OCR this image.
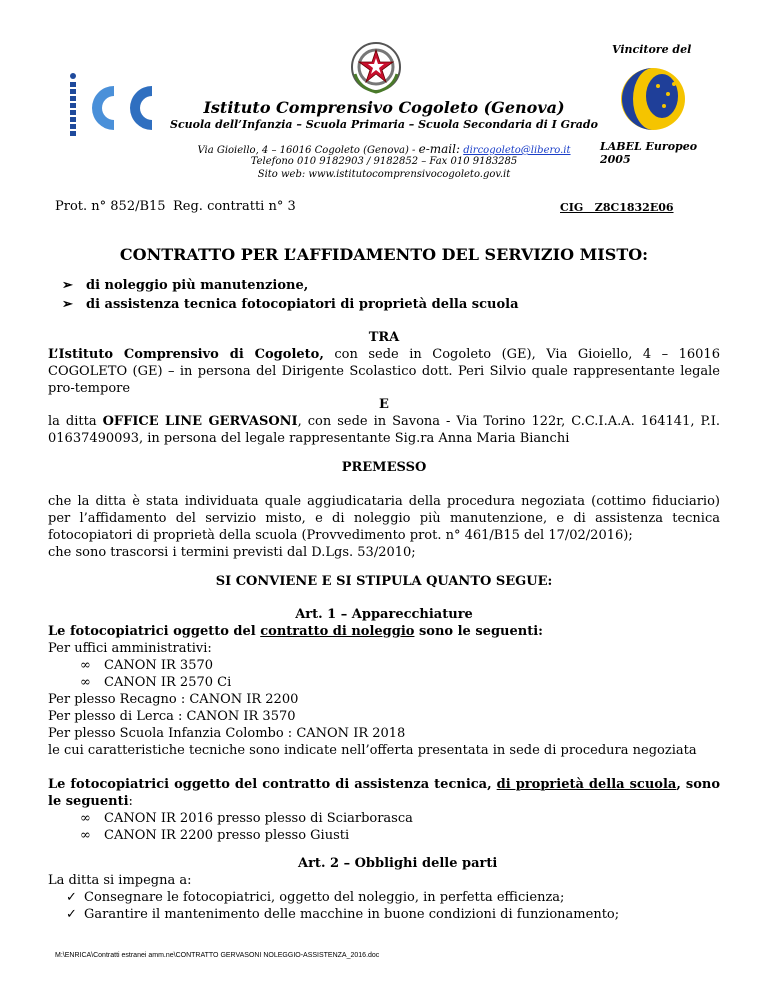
Vincitore del
LABEL Europeo 2005
Istituto Comprensivo Cogoleto (Genova)
Scuola dell’Infanzia – Scuola Primaria – Scuola Secondaria di I Grado
Via Gioiello, 4 – 16016 Cogoleto (Genova) - e-mail: dircogoleto@libero.it
Telefono 010 9182903 / 9182852 – Fax 010 9183285
Sito web: www.istitutocomprensivocogoleto.gov.it
Prot. n° 852/B15 Reg. contratti n° 3	CIG   Z8C1832E06
CONTRATTO PER L’AFFIDAMENTO DEL SERVIZIO MISTO:
➢ di noleggio più manutenzione,
➢ di assistenza tecnica fotocopiatori di proprietà della scuola
TRA
L’Istituto Comprensivo di Cogoleto, con sede in Cogoleto (GE), Via Gioiello, 4 – 16016 COGOLETO (GE) – in persona del Dirigente Scolastico dott. Peri Silvio quale rappresentante legale pro-tempore
E
la ditta OFFICE LINE GERVASONI, con sede in Savona - Via Torino 122r, C.C.I.A.A. 164141, P.I. 01637490093, in persona del legale rappresentante Sig.ra Anna Maria Bianchi
PREMESSO
che la ditta è stata individuata quale aggiudicataria della procedura negoziata (cottimo fiduciario) per l’affidamento del servizio misto, e di noleggio più manutenzione, e di assistenza tecnica fotocopiatori di proprietà della scuola (Provvedimento prot. n° 461/B15 del 17/02/2016);
che sono trascorsi i termini previsti dal D.Lgs. 53/2010;
SI CONVIENE E SI STIPULA QUANTO SEGUE:
Art. 1 – Apparecchiature
Le fotocopiatrici oggetto del contratto di noleggio sono le seguenti:
Per uffici amministrativi:
∞ CANON IR 3570
∞ CANON IR 2570 Ci
Per plesso Recagno : CANON IR 2200
Per plesso di Lerca : CANON IR 3570
Per plesso Scuola Infanzia Colombo : CANON IR 2018
le cui caratteristiche tecniche sono indicate nell’offerta presentata in sede di procedura negoziata
Le fotocopiatrici oggetto del contratto di assistenza tecnica, di proprietà della scuola, sono le seguenti:
∞ CANON IR 2016 presso plesso di Sciarborasca
∞ CANON IR 2200 presso plesso Giusti
Art. 2 – Obblighi delle parti
La ditta si impegna a:
✓ Consegnare le fotocopiatrici, oggetto del noleggio, in perfetta efficienza;
✓ Garantire il mantenimento delle macchine in buone condizioni di funzionamento;
M:\ENRICA\Contratti estranei amm.ne\CONTRATTO GERVASONI NOLEGGIO-ASSISTENZA_2016.doc
